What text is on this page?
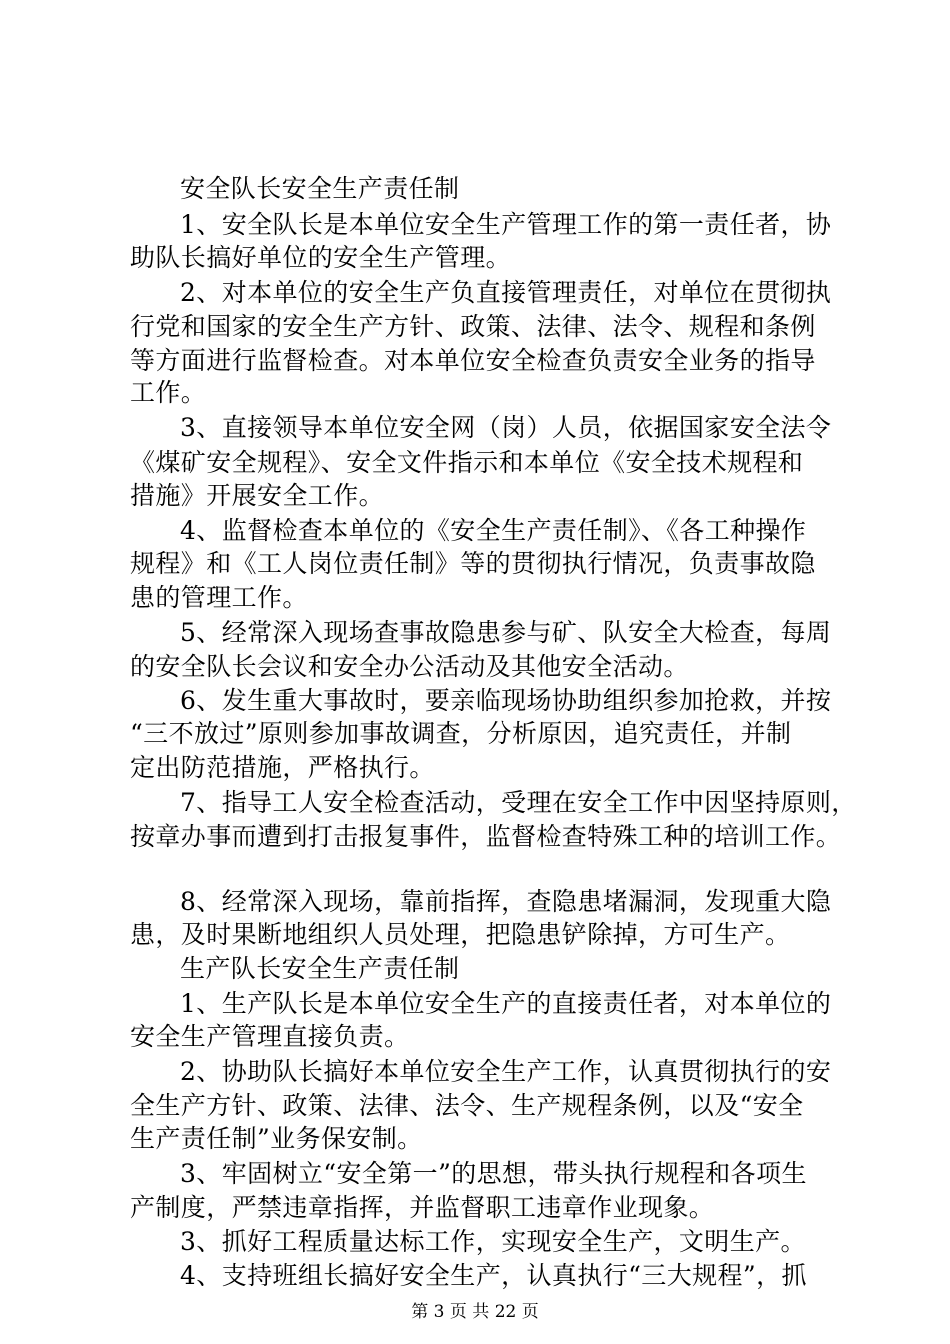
安全队长安全生产责任制
1、安全队长是本单位安全生产管理工作的第一责任者，协
助队长搞好单位的安全生产管理。
2、对本单位的安全生产负直接管理责任，对单位在贯彻执
行党和国家的安全生产方针、政策、法律、法令、规程和条例
等方面进行监督检查。对本单位安全检查负责安全业务的指导
工作。
3、直接领导本单位安全网（岗）人员，依据国家安全法令
《煤矿安全规程》、安全文件指示和本单位《安全技术规程和
措施》开展安全工作。
4、监督检查本单位的《安全生产责任制》、《各工种操作
规程》和《工人岗位责任制》等的贯彻执行情况，负责事故隐
患的管理工作。
5、经常深入现场查事故隐患参与矿、队安全大检查，每周
的安全队长会议和安全办公活动及其他安全活动。
6、发生重大事故时，要亲临现场协助组织参加抢救，并按
“三不放过”原则参加事故调查，分析原因，追究责任，并制
定出防范措施，严格执行。
7、指导工人安全检查活动，受理在安全工作中因坚持原则，
按章办事而遭到打击报复事件，监督检查特殊工种的培训工作。
8、经常深入现场，靠前指挥，查隐患堵漏洞，发现重大隐
患，及时果断地组织人员处理，把隐患铲除掉，方可生产。
生产队长安全生产责任制
1、生产队长是本单位安全生产的直接责任者，对本单位的
安全生产管理直接负责。
2、协助队长搞好本单位安全生产工作，认真贯彻执行的安
全生产方针、政策、法律、法令、生产规程条例，以及“安全
生产责任制”业务保安制。
3、牢固树立“安全第一”的思想，带头执行规程和各项生
产制度，严禁违章指挥，并监督职工违章作业现象。
3、抓好工程质量达标工作，实现安全生产，文明生产。
4、支持班组长搞好安全生产，认真执行“三大规程”，抓
第 3 页 共 22 页
